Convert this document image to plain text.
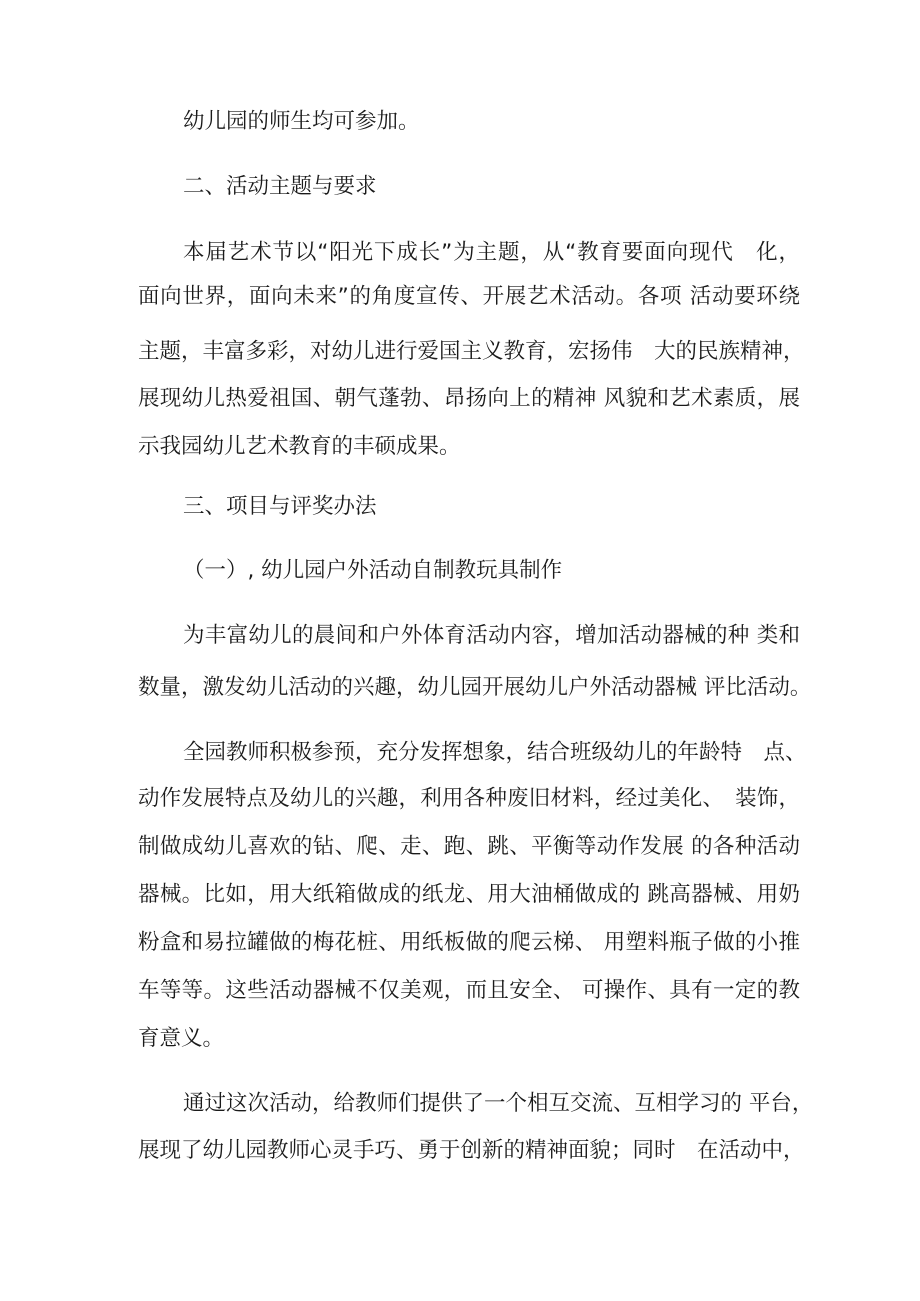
幼儿园的师生均可参加。
二、活动主题与要求
本届艺术节以“阳光下成长”为主题，从“教育要面向现代　化，
面向世界，面向未来”的角度宣传、开展艺术活动。各项 活动要环绕
主题，丰富多彩，对幼儿进行爱国主义教育，宏扬伟　大的民族精神，
展现幼儿热爱祖国、朝气蓬勃、昂扬向上的精神 风貌和艺术素质，展
示我园幼儿艺术教育的丰硕成果。
三、项目与评奖办法
（一）, 幼儿园户外活动自制教玩具制作
为丰富幼儿的晨间和户外体育活动内容，增加活动器械的种 类和
数量，激发幼儿活动的兴趣，幼儿园开展幼儿户外活动器械 评比活动。
全园教师积极参预，充分发挥想象，结合班级幼儿的年龄特　点、
动作发展特点及幼儿的兴趣，利用各种废旧材料，经过美化、　装饰，
制做成幼儿喜欢的钻、爬、走、跑、跳、平衡等动作发展 的各种活动
器械。比如，用大纸箱做成的纸龙、用大油桶做成的 跳高器械、用奶
粉盒和易拉罐做的梅花桩、用纸板做的爬云梯、 用塑料瓶子做的小推
车等等。这些活动器械不仅美观，而且安全、 可操作、具有一定的教
育意义。
通过这次活动，给教师们提供了一个相互交流、互相学习的 平台，
展现了幼儿园教师心灵手巧、勇于创新的精神面貌；同时　在活动中，
